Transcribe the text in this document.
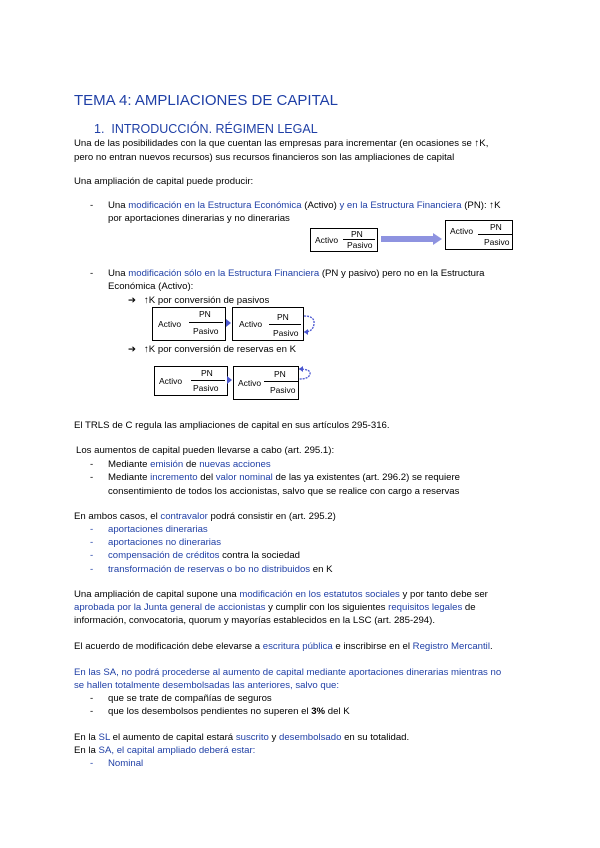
TEMA 4: AMPLIACIONES DE CAPITAL
1.  INTRODUCCIÓN. RÉGIMEN LEGAL
Una de las posibilidades con la que cuentan las empresas para incrementar (en ocasiones se ↑K,
pero no entran nuevos recursos) sus recursos financieros son las ampliaciones de capital
Una ampliación de capital puede producir:
- Una modificación en la Estructura Económica (Activo) y en la Estructura Financiera (PN): ↑K
por aportaciones dinerarias y no dinerarias
Activo
PN
Pasivo
Activo PN
Pasivo
- Una modificación sólo en la Estructura Financiera (PN y pasivo) pero no en la Estructura
Económica (Activo):
➔ ↑K por conversión de pasivos
Activo
PN
Pasivo
Activo
PN
Pasivo
➔ ↑K por conversión de reservas en K
Activo
PN
Pasivo Activo
PN
Pasivo
El TRLS de C regula las ampliaciones de capital en sus artículos 295-316.
Los aumentos de capital pueden llevarse a cabo (art. 295.1):
- Mediante emisión de nuevas acciones
- Mediante incremento del valor nominal de las ya existentes (art. 296.2) se requiere
consentimiento de todos los accionistas, salvo que se realice con cargo a reservas
En ambos casos, el contravalor podrá consistir en (art. 295.2)
- aportaciones dinerarias
- aportaciones no dinerarias
- compensación de créditos contra la sociedad
- transformación de reservas o bo no distribuidos en K
Una ampliación de capital supone una modificación en los estatutos sociales y por tanto debe ser
aprobada por la Junta general de accionistas y cumplir con los siguientes requisitos legales de
información, convocatoria, quorum y mayorías establecidos en la LSC (art. 285-294).
El acuerdo de modificación debe elevarse a escritura pública e inscribirse en el Registro Mercantil.
En las SA, no podrá procederse al aumento de capital mediante aportaciones dinerarias mientras no
se hallen totalmente desembolsadas las anteriores, salvo que:
- que se trate de compañías de seguros
- que los desembolsos pendientes no superen el 3% del K
En la SL el aumento de capital estará suscrito y desembolsado en su totalidad.
En la SA, el capital ampliado deberá estar:
- Nominal
